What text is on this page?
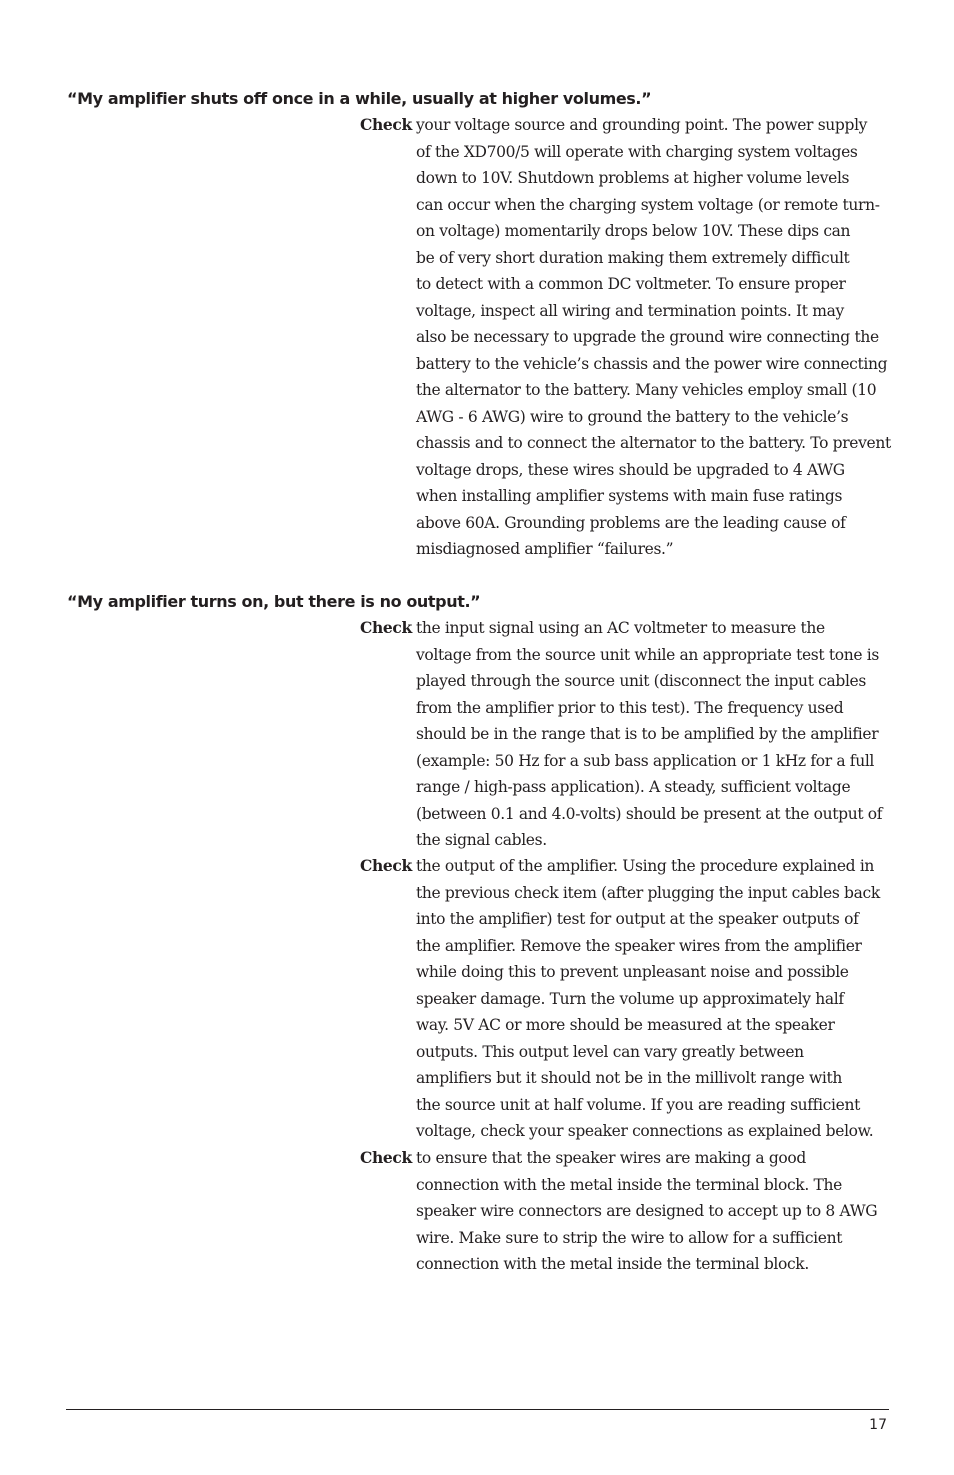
“My amplifier shuts off once in a while, usually at higher volumes.”
Check your voltage source and grounding point. The power supply
of the XD700/5 will operate with charging system voltages
down to 10V. Shutdown problems at higher volume levels
can occur when the charging system voltage (or remote turn-
on voltage) momentarily drops below 10V. These dips can
be of very short duration making them extremely difficult
to detect with a common DC voltmeter. To ensure proper
voltage, inspect all wiring and termination points. It may
also be necessary to upgrade the ground wire connecting the
battery to the vehicle’s chassis and the power wire connecting
the alternator to the battery. Many vehicles employ small (10
AWG - 6 AWG) wire to ground the battery to the vehicle’s
chassis and to connect the alternator to the battery. To prevent
voltage drops, these wires should be upgraded to 4 AWG
when installing amplifier systems with main fuse ratings
above 60A. Grounding problems are the leading cause of
misdiagnosed amplifier “failures.”
“My amplifier turns on, but there is no output.”
Check the input signal using an AC voltmeter to measure the
voltage from the source unit while an appropriate test tone is
played through the source unit (disconnect the input cables
from the amplifier prior to this test). The frequency used
should be in the range that is to be amplified by the amplifier
(example: 50 Hz for a sub bass application or 1 kHz for a full
range / high-pass application). A steady, sufficient voltage
(between 0.1 and 4.0-volts) should be present at the output of
the signal cables.
Check the output of the amplifier. Using the procedure explained in
the previous check item (after plugging the input cables back
into the amplifier) test for output at the speaker outputs of
the amplifier. Remove the speaker wires from the amplifier
while doing this to prevent unpleasant noise and possible
speaker damage. Turn the volume up approximately half
way. 5V AC or more should be measured at the speaker
outputs. This output level can vary greatly between
amplifiers but it should not be in the millivolt range with
the source unit at half volume. If you are reading sufficient
voltage, check your speaker connections as explained below.
Check to ensure that the speaker wires are making a good
connection with the metal inside the terminal block. The
speaker wire connectors are designed to accept up to 8 AWG
wire. Make sure to strip the wire to allow for a sufficient
connection with the metal inside the terminal block.
17
